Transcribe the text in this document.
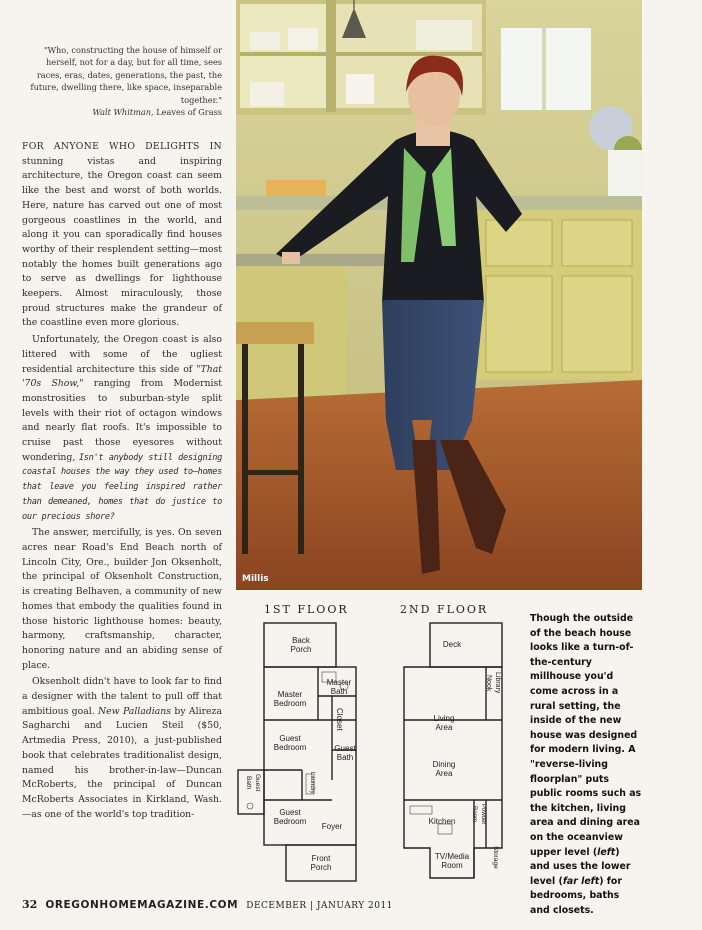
"Who, constructing the house of himself or herself, not for a day, but for all time, sees races, eras, dates, generations, the past, the future, dwelling there, like space, inseparable together."

Walt Whitman, Leaves of Grass

FOR ANYONE WHO DELIGHTS IN stunning vistas and inspiring architecture, the Oregon coast can seem like the best and worst of both worlds. Here, nature has carved out one of most gorgeous coastlines in the world, and along it you can sporadically find houses worthy of their resplendent setting—most notably the homes built generations ago to serve as dwellings for lighthouse keepers. Almost miraculously, those proud structures make the grandeur of the coastline even more glorious.

Unfortunately, the Oregon coast is also littered with some of the ugliest residential architecture this side of "That '70s Show," ranging from Modernist monstrosities to suburban-style split levels with their riot of octagon windows and nearly flat roofs. It's impossible to cruise past those eyesores without wondering, Isn't anybody still designing coastal houses the way they used to—homes that leave you feeling inspired rather than demeaned, homes that do justice to our precious shore?

The answer, mercifully, is yes. On seven acres near Road's End Beach north of Lincoln City, Ore., builder Jon Oksenholt, the principal of Oksenholt Construction, is creating Belhaven, a community of new homes that embody the qualities found in those historic lighthouse homes: beauty, harmony, craftsmanship, character, honoring nature and an abiding sense of place.

Oksenholt didn't have to look far to find a designer with the talent to pull off that ambitious goal. New Palladians by Alireza Sagharchi and Lucien Steil ($50, Artmedia Press, 2010), a just-published book that celebrates traditionalist design, named his brother-in-law—Duncan McRoberts, the principal of Duncan McRoberts Associates in Kirkland, Wash.—as one of the world's top tradition-

Millis
1ST FLOOR	2ND FLOOR
Back
Porch
Master
Bath
Master
Bedroom
Closet
Guest
Bedroom	Guest
Bath
Guest
Bath	Laundry
Guest
Bedroom
Foyer
Front
Porch
Deck
Library
Nook
Living
Area
Dining
Area
Kitchen	Powder
Room
Storage
TV/Media
Room
Though the outside of the beach house looks like a turn-of-the-century millhouse you'd come across in a rural setting, the inside of the new house was designed for modern living. A "reverse-living floorplan" puts public rooms such as the kitchen, living area and dining area on the oceanview upper level (left) and uses the lower level (far left) for bedrooms, baths and closets.
32 OREGONHOMEMAGAZINE.COM DECEMBER | JANUARY 2011
